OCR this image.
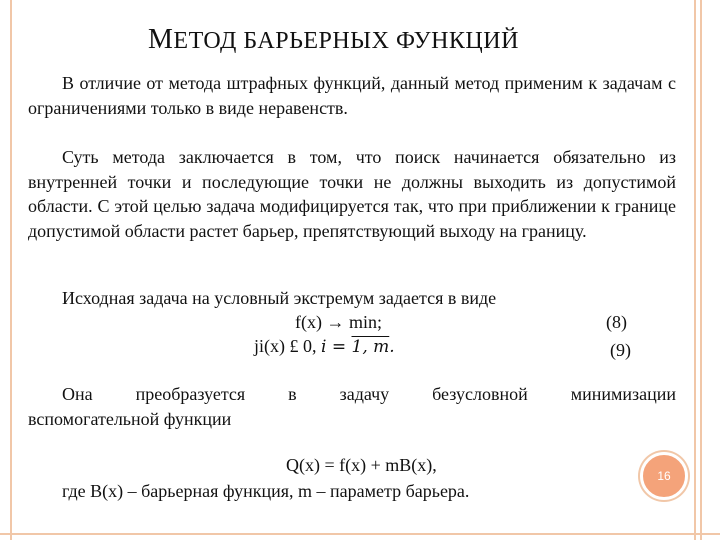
МЕТОД БАРЬЕРНЫХ ФУНКЦИЙ
В отличие от метода штрафных функций, данный метод применим к задачам с ограничениями только в виде неравенств.
Суть метода заключается в том, что поиск начинается обязательно из внутренней точки и последующие точки не должны выходить из допустимой области. С этой целью задача модифицируется так, что при приближении к границе допустимой области растет барьер, препятствующий выходу на границу.
Исходная задача на условный экстремум задается в виде
f(x) → min;	(8)
ji(x) £ 0, i = 1, m.	(9)
Она преобразуется в задачу безусловной минимизации
вспомогательной функции
Q(x) = f(x) + mB(x),
где B(x) – барьерная функция, m – параметр барьера.
16
